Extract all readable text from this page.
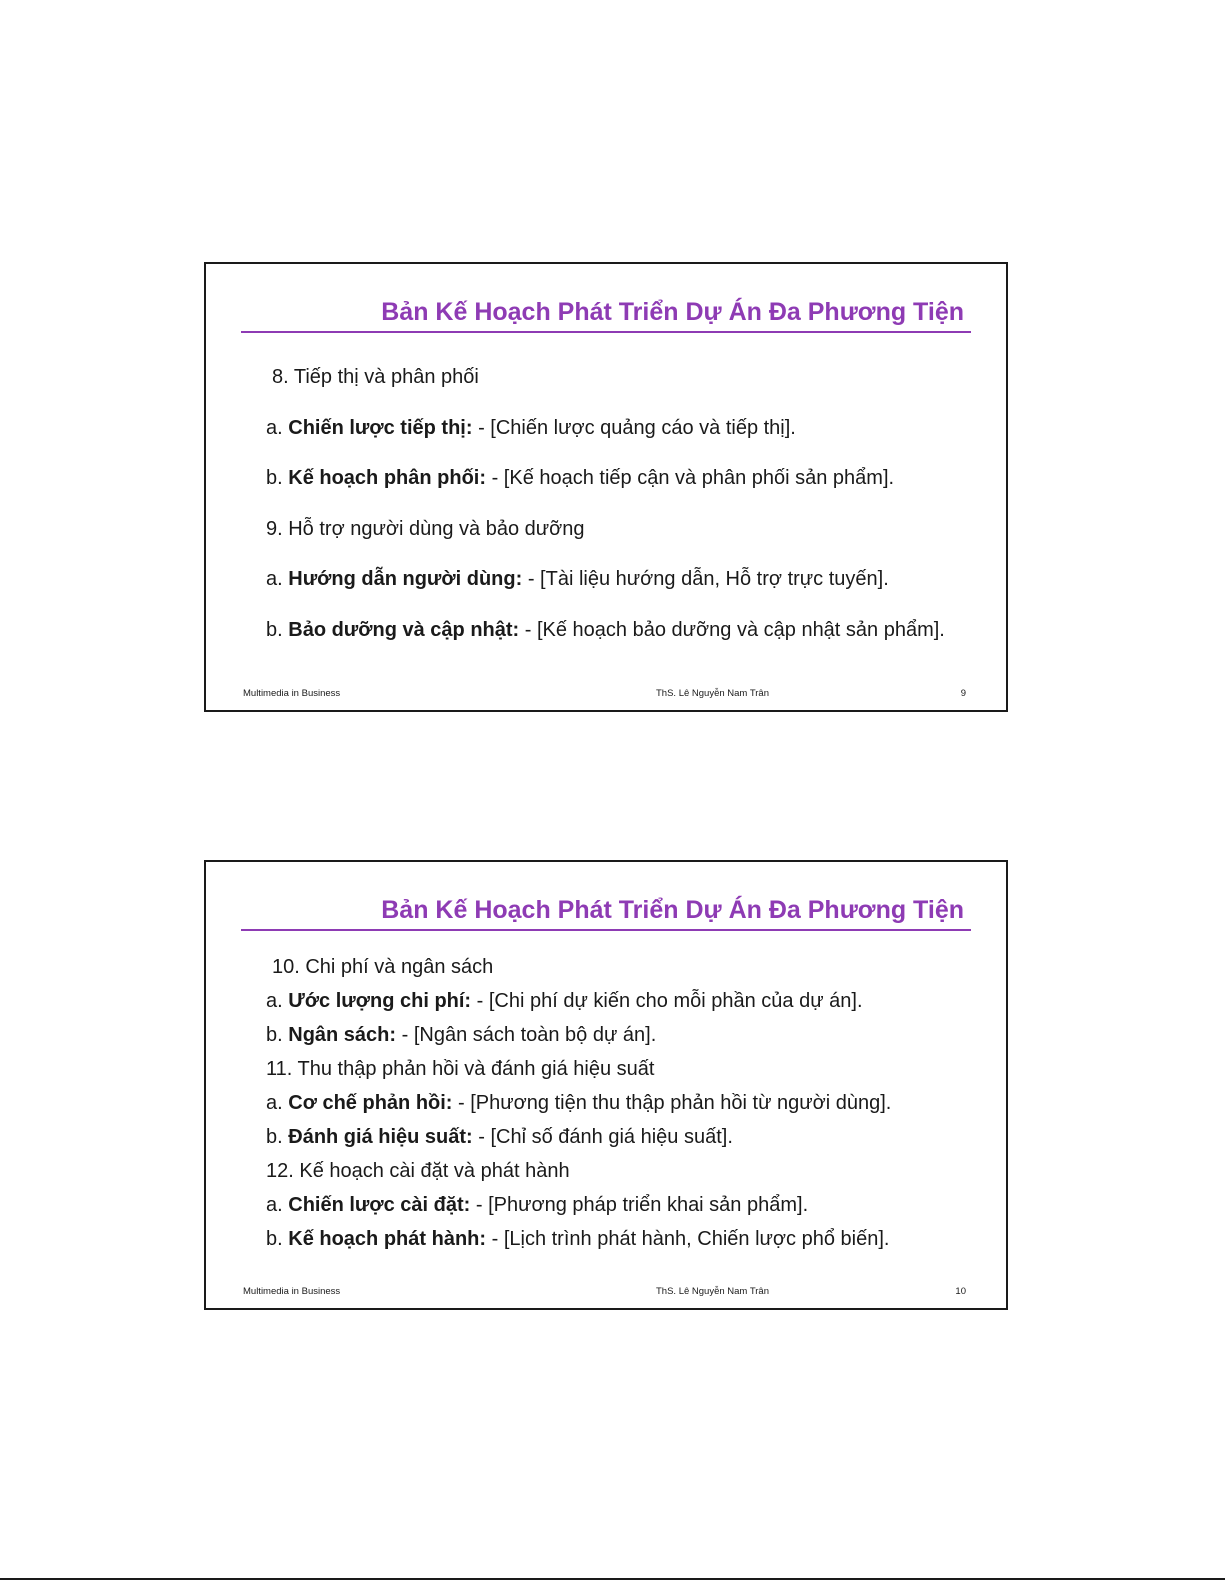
Bản Kế Hoạch Phát Triển Dự Án Đa Phương Tiện
8. Tiếp thị và phân phối
a. Chiến lược tiếp thị: - [Chiến lược quảng cáo và tiếp thị].
b. Kế hoạch phân phối: - [Kế hoạch tiếp cận và phân phối sản phẩm].
9. Hỗ trợ người dùng và bảo dưỡng
a. Hướng dẫn người dùng: - [Tài liệu hướng dẫn, Hỗ trợ trực tuyến].
b. Bảo dưỡng và cập nhật: - [Kế hoạch bảo dưỡng và cập nhật sản phẩm].
Multimedia in Business	ThS. Lê Nguyễn Nam Trân	9
Bản Kế Hoạch Phát Triển Dự Án Đa Phương Tiện
10. Chi phí và ngân sách
a. Ước lượng chi phí: - [Chi phí dự kiến cho mỗi phần của dự án].
b. Ngân sách: - [Ngân sách toàn bộ dự án].
11. Thu thập phản hồi và đánh giá hiệu suất
a. Cơ chế phản hồi: - [Phương tiện thu thập phản hồi từ người dùng].
b. Đánh giá hiệu suất: - [Chỉ số đánh giá hiệu suất].
12. Kế hoạch cài đặt và phát hành
a. Chiến lược cài đặt: - [Phương pháp triển khai sản phẩm].
b. Kế hoạch phát hành: - [Lịch trình phát hành, Chiến lược phổ biến].
Multimedia in Business	ThS. Lê Nguyễn Nam Trân	10
